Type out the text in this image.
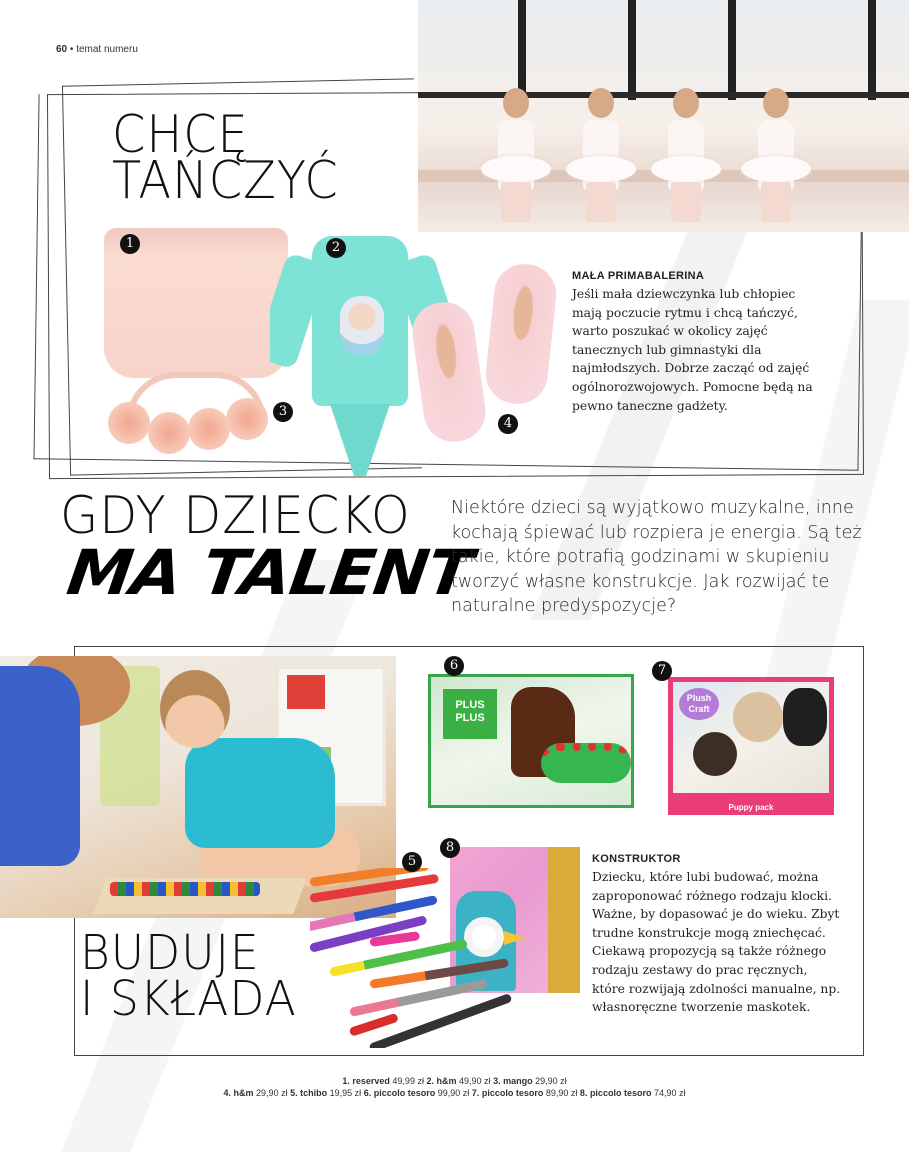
60 • temat numeru
CHCĘ
TAŃCZYĆ
1
3
2
4
MAŁA PRIMABALERINA

Jeśli mała dziewczynka lub chłopiec mają poczucie rytmu i chcą tańczyć, warto poszukać w okolicy zajęć tanecznych lub gimnastyki dla najmłodszych. Dobrze zacząć od zajęć ogólnorozwojowych. Pomocne będą na pewno taneczne gadżety.

GDY DZIECKO
MA TALENT
Niektóre dzieci są wyjątkowo muzykalne, inne kochają śpiewać lub rozpiera je energia. Są też takie, które potrafią godzinami w skupieniu tworzyć własne konstrukcje. Jak rozwijać te naturalne predyspozycje?
PLUS PLUS
6
Plush Craft
Puppy pack
7
8
5
BUDUJE
I SKŁADA
KONSTRUKTOR

Dziecku, które lubi budować, można zaproponować różnego rodzaju klocki. Ważne, by dopasować je do wieku. Zbyt trudne konstrukcje mogą zniechęcać. Ciekawą propozycją są także różnego rodzaju zestawy do prac ręcznych, które rozwijają zdolności manualne, np. własnoręczne tworzenie maskotek.

1. reserved 49,99 zł 2. h&m 49,90 zł 3. mango 29,90 zł
4. h&m 29,90 zł 5. tchibo 19,95 zł 6. piccolo tesoro 99,90 zł 7. piccolo tesoro 89,90 zł 8. piccolo tesoro 74,90 zł
